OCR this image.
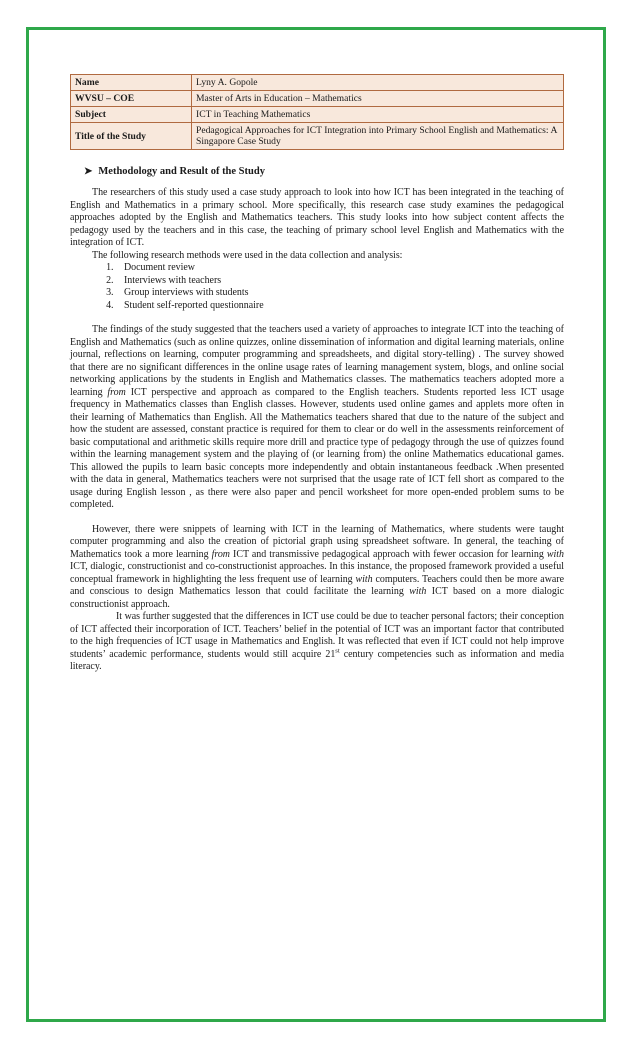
Name	Lyny A. Gopole
WVSU – COE	Master of Arts in Education – Mathematics
Subject	ICT in Teaching Mathematics
Title of the Study	Pedagogical Approaches for ICT Integration into Primary School English and Mathematics: A Singapore Case Study
➤ Methodology and Result of the Study

The researchers of this study used a case study approach to look into how ICT has been integrated in the teaching of English and Mathematics in a primary school. More specifically, this research case study examines the pedagogical approaches adopted by the English and Mathematics teachers. This study looks into how subject content affects the pedagogy used by the teachers and in this case, the teaching of primary school level English and Mathematics with the integration of ICT.

The following research methods were used in the data collection and analysis:

1. Document review
2. Interviews with teachers
3. Group interviews with students
4. Student self-reported questionnaire

The findings of the study suggested that the teachers used a variety of approaches to integrate ICT into the teaching of English and Mathematics (such as online quizzes, online dissemination of information and digital learning materials, online journal, reflections on learning, computer programming and spreadsheets, and digital story-telling) . The survey showed that there are no significant differences in the online usage rates of learning management system, blogs, and online social networking applications by the students in English and Mathematics classes. The mathematics teachers adopted more a learning from ICT perspective and approach as compared to the English teachers. Students reported less ICT usage frequency in Mathematics classes than English classes. However, students used online games and applets more often in their learning of Mathematics than English. All the Mathematics teachers shared that due to the nature of the subject and how the student are assessed, constant practice is required for them to clear or do well in the assessments reinforcement of basic computational and arithmetic skills require more drill and practice type of pedagogy through the use of quizzes found within the learning management system and the playing of (or learning from) the online Mathematics educational games. This allowed the pupils to learn basic concepts more independently and obtain instantaneous feedback .When presented with the data in general, Mathematics teachers were not surprised that the usage rate of ICT fell short as compared to the usage during English lesson , as there were also paper and pencil worksheet for more open-ended problem sums to be completed.

However, there were snippets of learning with ICT in the learning of Mathematics, where students were taught computer programming and also the creation of pictorial graph using spreadsheet software. In general, the teaching of Mathematics took a more learning from ICT and transmissive pedagogical approach with fewer occasion for learning with ICT, dialogic, constructionist and co-constructionist approaches. In this instance, the proposed framework provided a useful conceptual framework in highlighting the less frequent use of learning with computers. Teachers could then be more aware and conscious to design Mathematics lesson that could facilitate the learning with ICT based on a more dialogic constructionist approach.

It was further suggested that the differences in ICT use could be due to teacher personal factors; their conception of ICT affected their incorporation of ICT. Teachers’ belief in the potential of ICT was an important factor that contributed to the high frequencies of ICT usage in Mathematics and English. It was reflected that even if ICT could not help improve students’ academic performance, students would still acquire 21st century competencies such as information and media literacy.
